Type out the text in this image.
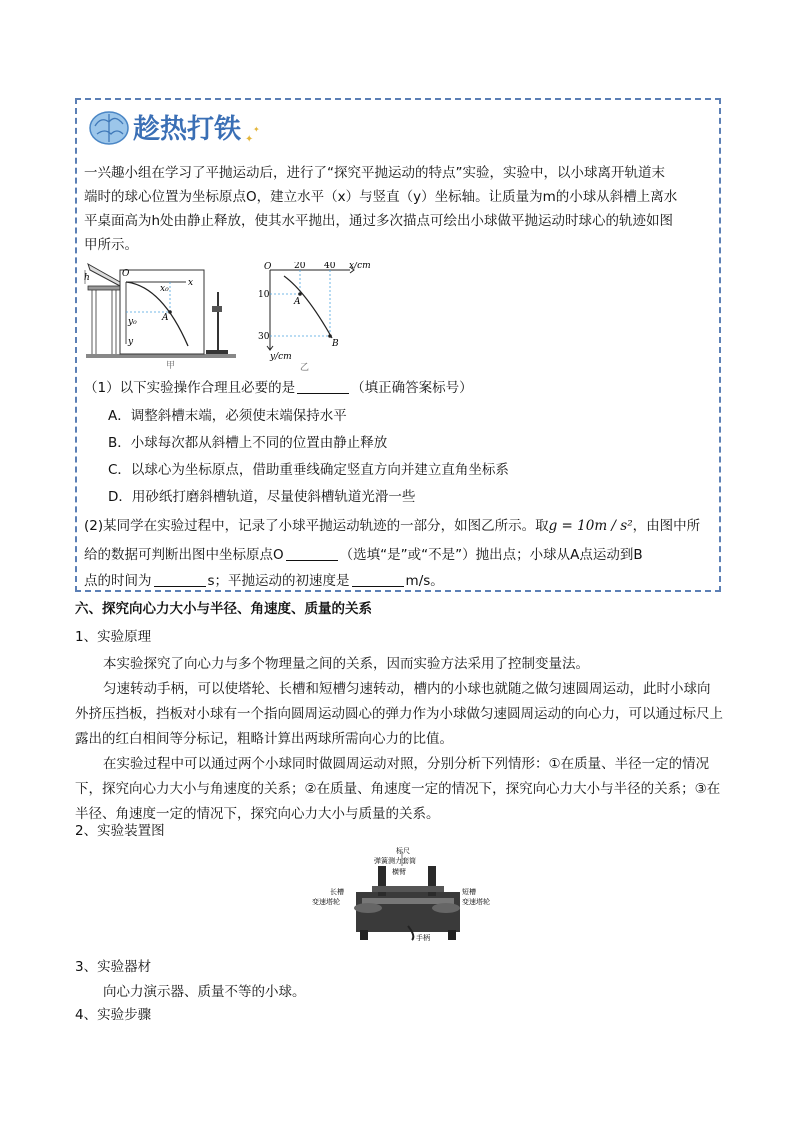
趁热打铁 ✦
✦
一兴趣小组在学习了平抛运动后，进行了“探究平抛运动的特点”实验，实验中，以小球离开轨道末
端时的球心位置为坐标原点O，建立水平（x）与竖直（y）坐标轴。让质量为m的小球从斜槽上离水
平桌面高为h处由静止释放，使其水平抛出，通过多次描点可绘出小球做平抛运动时球心的轨迹如图
甲所示。
h	O
x
y
x₀
y₀	A
甲
O	20 40 x/cm
10
30
y/cm
A
B
乙
（1）以下实验操作合理且必要的是	（填正确答案标号）
A．调整斜槽末端，必须使末端保持水平
B．小球每次都从斜槽上不同的位置由静止释放
C．以球心为坐标原点，借助重垂线确定竖直方向并建立直角坐标系
D．用砂纸打磨斜槽轨道，尽量使斜槽轨道光滑一些
(2)某同学在实验过程中，记录了小球平抛运动轨迹的一部分，如图乙所示。取g = 10m / s²，由图中所
给的数据可判断出图中坐标原点O	（选填“是”或“不是”）抛出点；小球从A点运动到B
点的时间为	s；平抛运动的初速度是	m/s。
六、探究向心力大小与半径、角速度、质量的关系
1、实验原理

本实验探究了向心力与多个物理量之间的关系，因而实验方法采用了控制变量法。

匀速转动手柄，可以使塔轮、长槽和短槽匀速转动，槽内的小球也就随之做匀速圆周运动，此时小球向外挤压挡板，挡板对小球有一个指向圆周运动圆心的弹力作为小球做匀速圆周运动的向心力，可以通过标尺上露出的红白相间等分标记，粗略计算出两球所需向心力的比值。

在实验过程中可以通过两个小球同时做圆周运动对照，分别分析下列情形：①在质量、半径一定的情况下，探究向心力大小与角速度的关系；②在质量、角速度一定的情况下，探究向心力大小与半径的关系；③在半径、角速度一定的情况下，探究向心力大小与质量的关系。

2、实验装置图
标尺
弹簧测力套筒
横臂
长槽
变速塔轮
短槽
变速塔轮
手柄
3、实验器材

向心力演示器、质量不等的小球。

4、实验步骤
